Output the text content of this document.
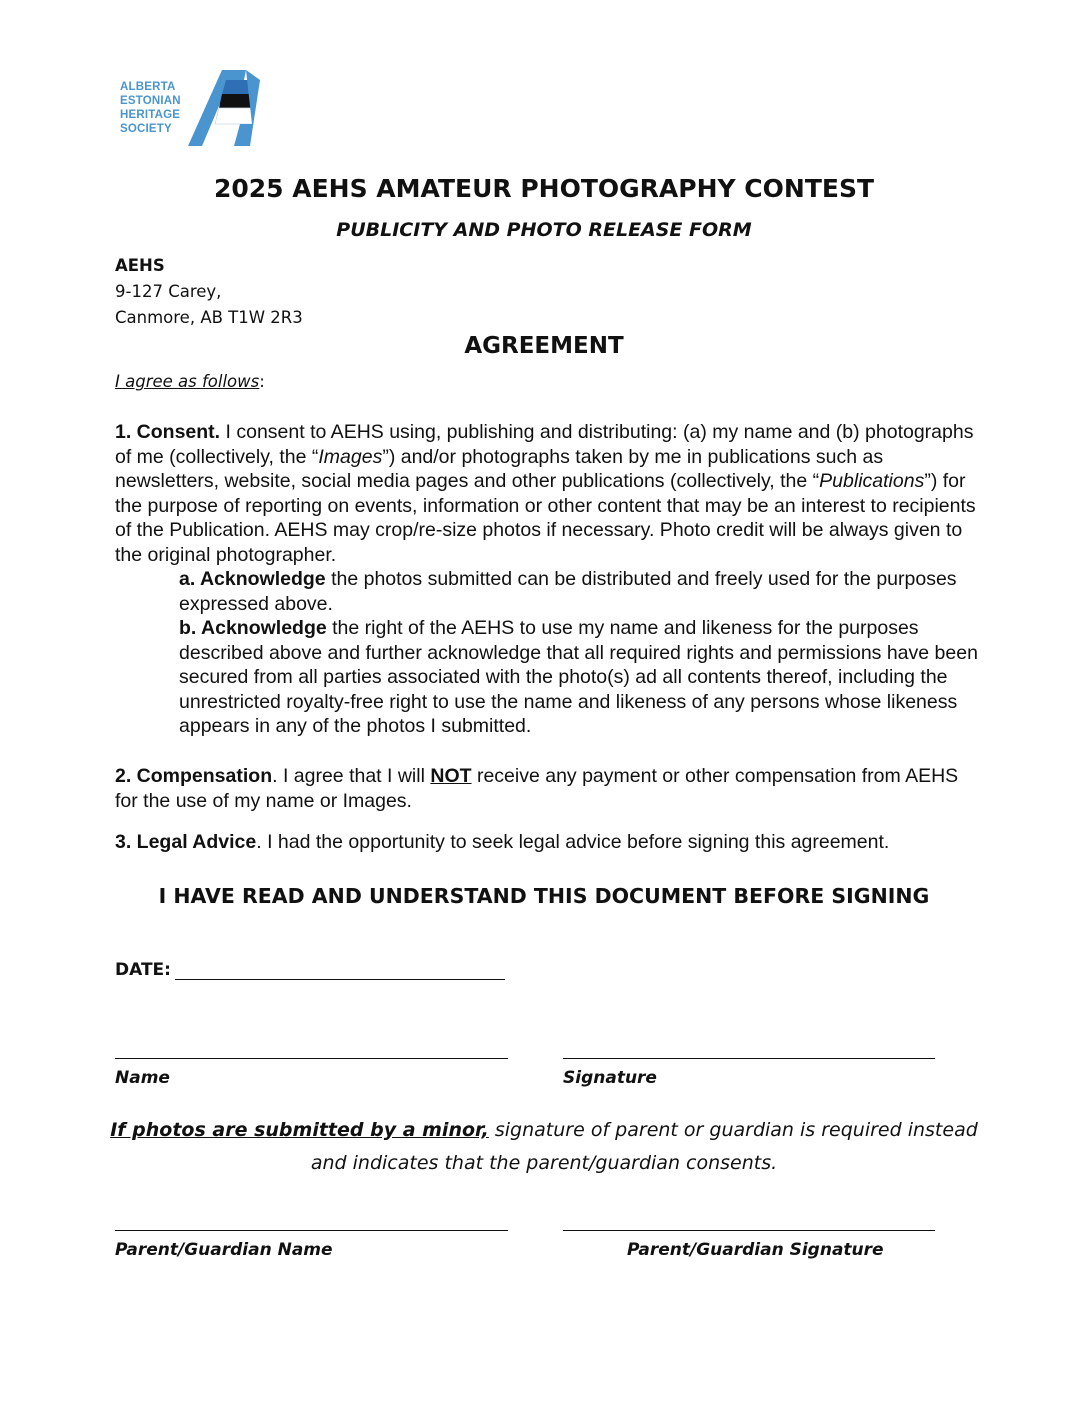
ALBERTA
ESTONIAN
HERITAGE
SOCIETY
2025 AEHS AMATEUR PHOTOGRAPHY CONTEST
PUBLICITY AND PHOTO RELEASE FORM
AEHS
9-127 Carey,
Canmore, AB T1W 2R3
AGREEMENT
I agree as follows:
1. Consent. I consent to AEHS using, publishing and distributing: (a) my name and (b) photographs of me (collectively, the “Images”) and/or photographs taken by me in publications such as newsletters, website, social media pages and other publications (collectively, the “Publications”) for the purpose of reporting on events, information or other content that may be an interest to recipients of the Publication. AEHS may crop/re-size photos if necessary. Photo credit will be always given to the original photographer.
a. Acknowledge the photos submitted can be distributed and freely used for the purposes expressed above.
b. Acknowledge the right of the AEHS to use my name and likeness for the purposes described above and further acknowledge that all required rights and permissions have been secured from all parties associated with the photo(s) ad all contents thereof, including the unrestricted royalty-free right to use the name and likeness of any persons whose likeness appears in any of the photos I submitted.
2. Compensation. I agree that I will NOT receive any payment or other compensation from AEHS for the use of my name or Images.
3. Legal Advice. I had the opportunity to seek legal advice before signing this agreement.
I HAVE READ AND UNDERSTAND THIS DOCUMENT BEFORE SIGNING
DATE:
Name	Signature
If photos are submitted by a minor, signature of parent or guardian is required instead and indicates that the parent/guardian consents.
Parent/Guardian Name	Parent/Guardian Signature
